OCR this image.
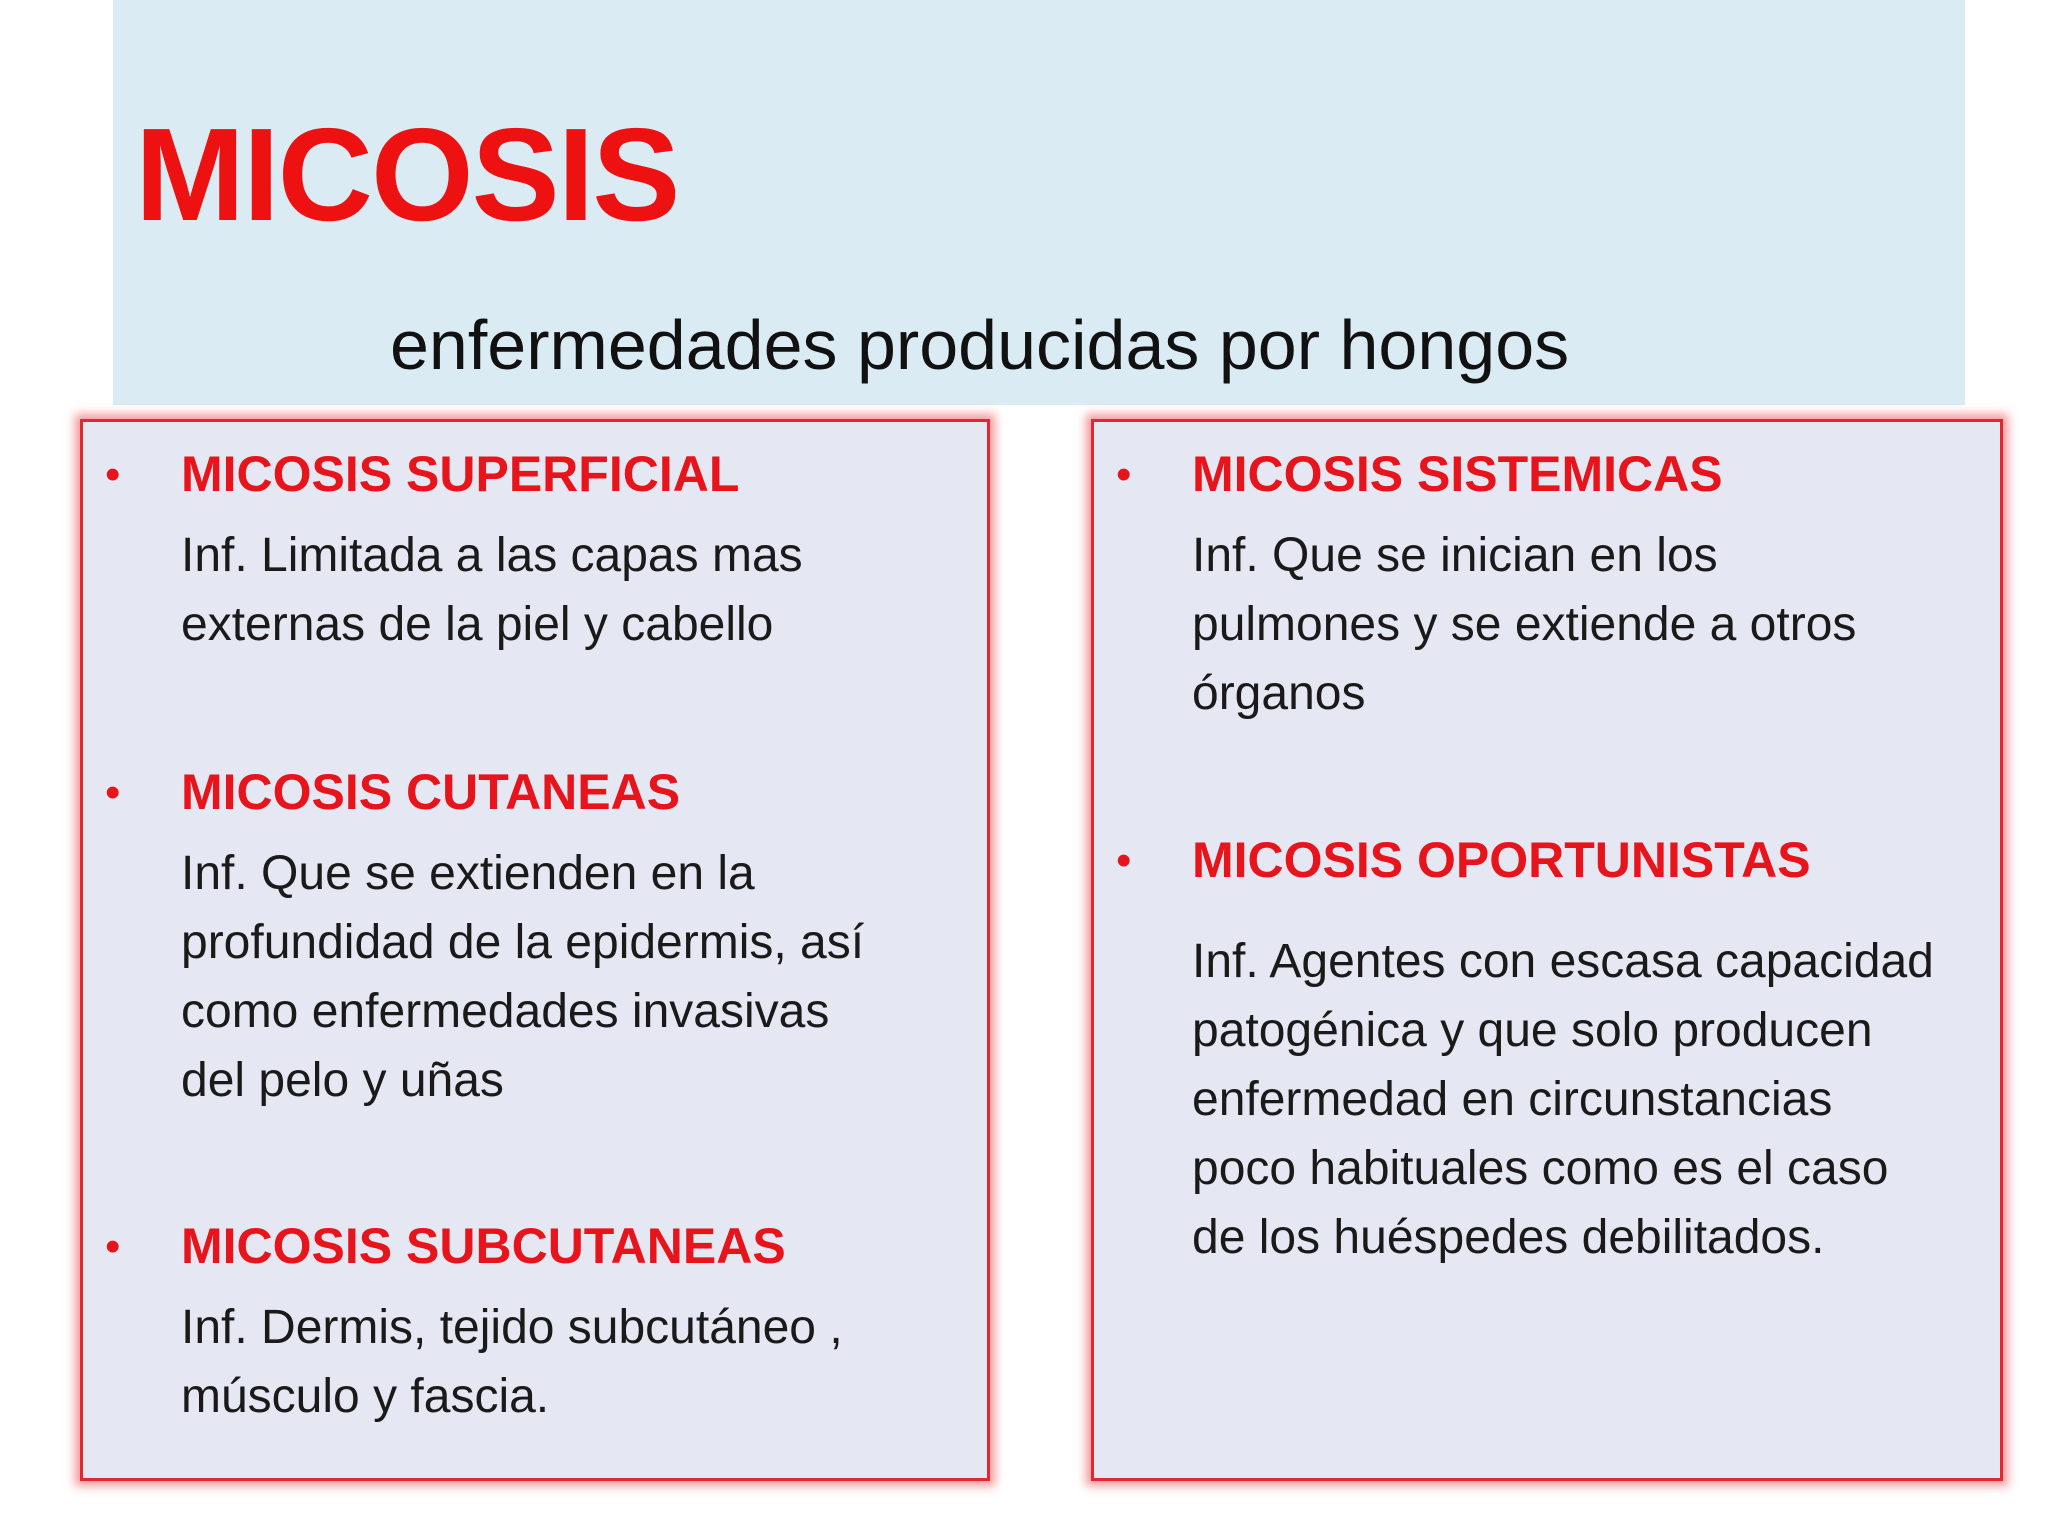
MICOSIS
enfermedades producidas por hongos
• MICOSIS SUPERFICIAL

Inf. Limitada a las capas mas
externas de la piel y cabello

• MICOSIS CUTANEAS

Inf. Que se extienden en la
profundidad de la epidermis, así
como enfermedades invasivas
del pelo y uñas

• MICOSIS SUBCUTANEAS

Inf. Dermis, tejido subcutáneo ,
músculo y fascia.

• MICOSIS SISTEMICAS

Inf. Que se inician en los
pulmones y se extiende a otros
órganos

• MICOSIS OPORTUNISTAS

Inf. Agentes con escasa capacidad
patogénica y que solo producen
enfermedad en circunstancias
poco habituales como es el caso
de los huéspedes debilitados.
